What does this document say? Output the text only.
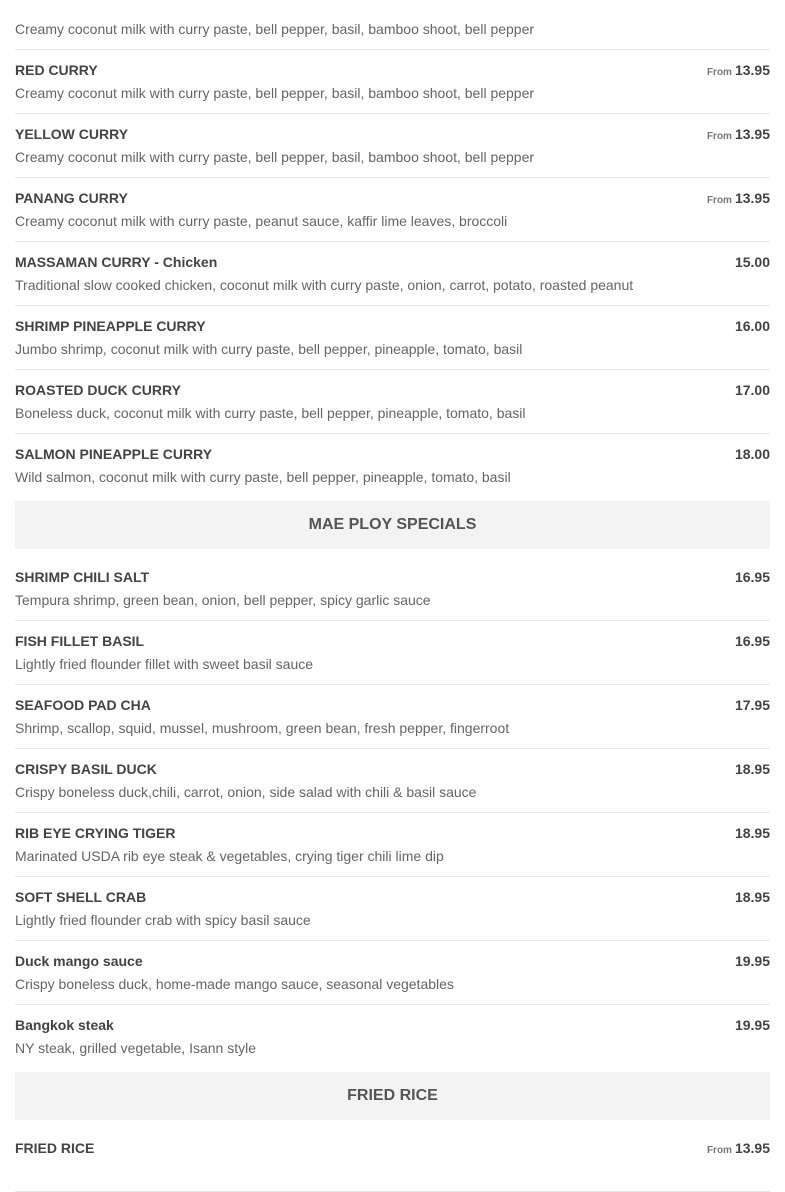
Creamy coconut milk with curry paste, bell pepper, basil, bamboo shoot, bell pepper
RED CURRY
Creamy coconut milk with curry paste, bell pepper, basil, bamboo shoot, bell pepper
From 13.95
YELLOW CURRY
Creamy coconut milk with curry paste, bell pepper, basil, bamboo shoot, bell pepper
From 13.95
PANANG CURRY
Creamy coconut milk with curry paste, peanut sauce, kaffir lime leaves, broccoli
From 13.95
MASSAMAN CURRY - Chicken
Traditional slow cooked chicken, coconut milk with curry paste, onion, carrot, potato, roasted peanut
15.00
SHRIMP PINEAPPLE CURRY
Jumbo shrimp, coconut milk with curry paste, bell pepper, pineapple, tomato, basil
16.00
ROASTED DUCK CURRY
Boneless duck, coconut milk with curry paste, bell pepper, pineapple, tomato, basil
17.00
SALMON PINEAPPLE CURRY
Wild salmon, coconut milk with curry paste, bell pepper, pineapple, tomato, basil
18.00
MAE PLOY SPECIALS
SHRIMP CHILI SALT
Tempura shrimp, green bean, onion, bell pepper, spicy garlic sauce
16.95
FISH FILLET BASIL
Lightly fried flounder fillet with sweet basil sauce
16.95
SEAFOOD PAD CHA
Shrimp, scallop, squid, mussel, mushroom, green bean, fresh pepper, fingerroot
17.95
CRISPY BASIL DUCK
Crispy boneless duck,chili, carrot, onion, side salad with chili & basil sauce
18.95
RIB EYE CRYING TIGER
Marinated USDA rib eye steak & vegetables, crying tiger chili lime dip
18.95
SOFT SHELL CRAB
Lightly fried flounder crab with spicy basil sauce
18.95
Duck mango sauce
Crispy boneless duck, home-made mango sauce, seasonal vegetables
19.95
Bangkok steak
NY steak, grilled vegetable, Isann style
19.95
FRIED RICE
FRIED RICE	From 13.95
